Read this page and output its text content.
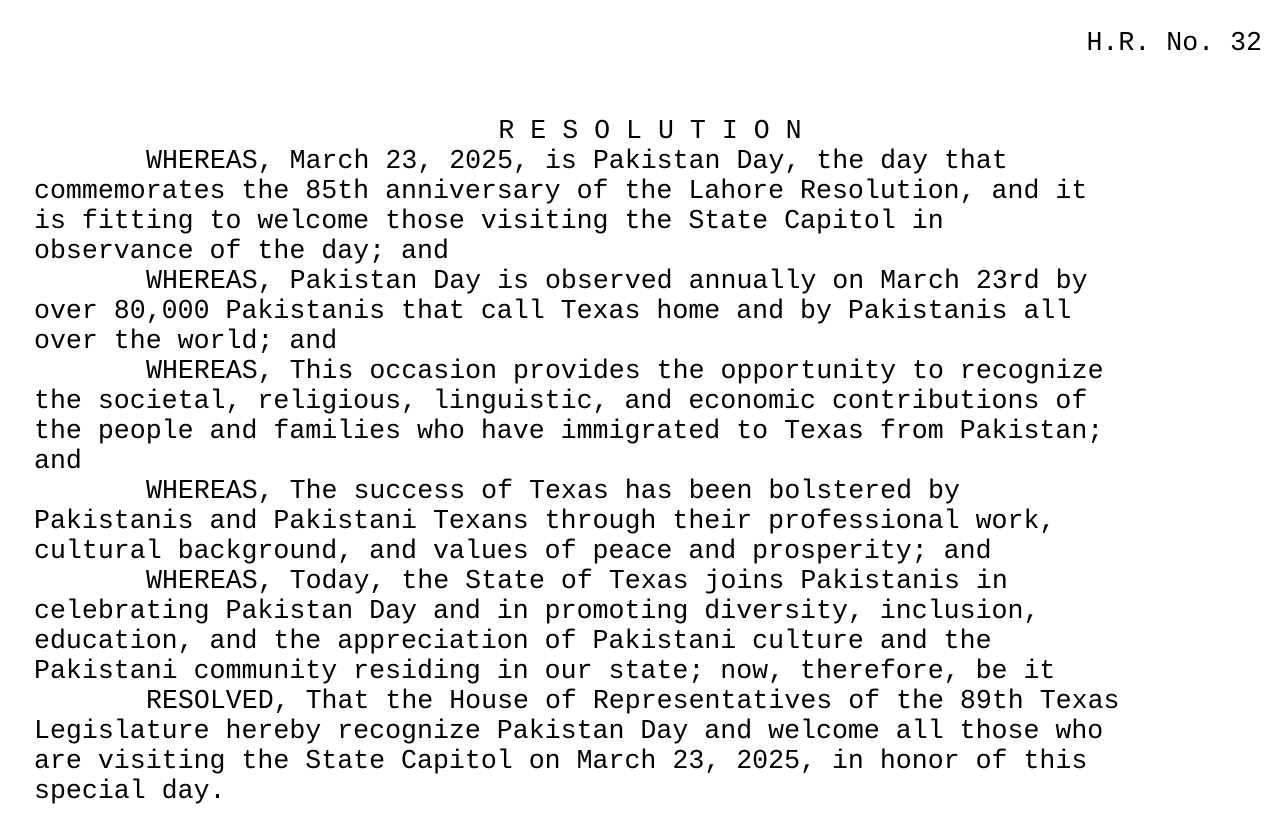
H.R. No. 32
R E S O L U T I O N
WHEREAS, March 23, 2025, is Pakistan Day, the day that
commemorates the 85th anniversary of the Lahore Resolution, and it
is fitting to welcome those visiting the State Capitol in
observance of the day; and
WHEREAS, Pakistan Day is observed annually on March 23rd by
over 80,000 Pakistanis that call Texas home and by Pakistanis all
over the world; and
WHEREAS, This occasion provides the opportunity to recognize
the societal, religious, linguistic, and economic contributions of
the people and families who have immigrated to Texas from Pakistan;
and
WHEREAS, The success of Texas has been bolstered by
Pakistanis and Pakistani Texans through their professional work,
cultural background, and values of peace and prosperity; and
WHEREAS, Today, the State of Texas joins Pakistanis in
celebrating Pakistan Day and in promoting diversity, inclusion,
education, and the appreciation of Pakistani culture and the
Pakistani community residing in our state; now, therefore, be it
RESOLVED, That the House of Representatives of the 89th Texas
Legislature hereby recognize Pakistan Day and welcome all those who
are visiting the State Capitol on March 23, 2025, in honor of this
special day.
